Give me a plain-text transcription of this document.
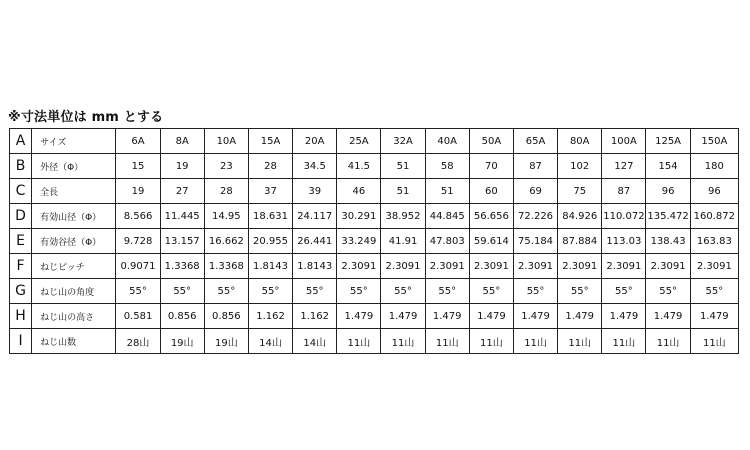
※寸法単位は mm とする
A	サイズ	6A	8A	10A	15A	20A	25A	32A	40A	50A	65A	80A	100A	125A	150A
B	外径（Φ）	15	19	23	28	34.5	41.5	51	58	70	87	102	127	154	180
C	全長	19	27	28	37	39	46	51	51	60	69	75	87	96	96
D	有効山径（Φ）	8.566	11.445	14.95	18.631	24.117	30.291	38.952	44.845	56.656	72.226	84.926	110.072	135.472	160.872
E	有効谷径（Φ）	9.728	13.157	16.662	20.955	26.441	33.249	41.91	47.803	59.614	75.184	87.884	113.03	138.43	163.83
F	ねじピッチ	0.9071	1.3368	1.3368	1.8143	1.8143	2.3091	2.3091	2.3091	2.3091	2.3091	2.3091	2.3091	2.3091	2.3091
G	ねじ山の角度	55°	55°	55°	55°	55°	55°	55°	55°	55°	55°	55°	55°	55°	55°
H	ねじ山の高さ	0.581	0.856	0.856	1.162	1.162	1.479	1.479	1.479	1.479	1.479	1.479	1.479	1.479	1.479
I	ねじ山数	28山	19山	19山	14山	14山	11山	11山	11山	11山	11山	11山	11山	11山	11山
